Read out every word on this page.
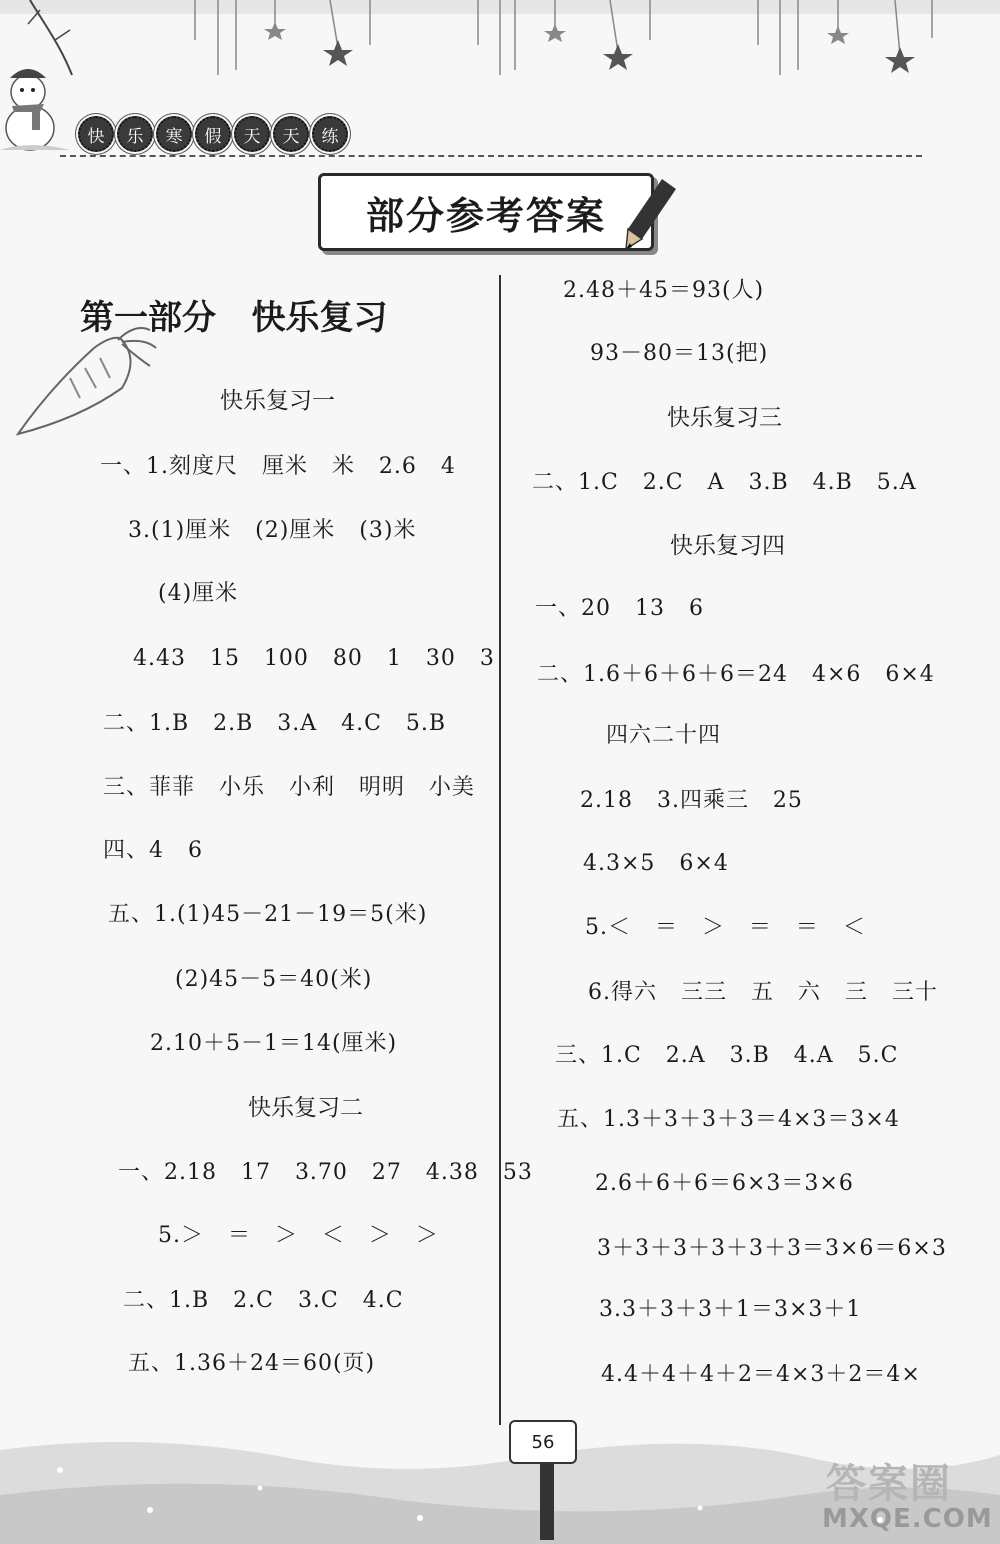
快	乐	寒	假	天	天	练
部分参考答案
第一部分   快乐复习
快乐复习一
一、1.刻度尺   厘米   米   2.6   4
3.(1)厘米   (2)厘米   (3)米
(4)厘米
4.43   15   100   80   1   30   3
二、1.B   2.B   3.A   4.C   5.B
三、菲菲   小乐   小利   明明   小美
四、4   6
五、1.(1)45－21－19＝5(米)
(2)45－5＝40(米)
2.10＋5－1＝14(厘米)
快乐复习二
一、2.18   17   3.70   27   4.38   53
5.＞   ＝   ＞   ＜   ＞   ＞
二、1.B   2.C   3.C   4.C
五、1.36＋24＝60(页)
2.48＋45＝93(人)
93－80＝13(把)
快乐复习三
二、1.C   2.C   A   3.B   4.B   5.A
快乐复习四
一、20   13   6
二、1.6＋6＋6＋6＝24   4×6   6×4
四六二十四
2.18   3.四乘三   25
4.3×5   6×4
5.＜   ＝   ＞   ＝   ＝   ＜
6.得六   三三   五   六   三   三十
三、1.C   2.A   3.B   4.A   5.C
五、1.3＋3＋3＋3＝4×3＝3×4
2.6＋6＋6＝6×3＝3×6
3＋3＋3＋3＋3＋3＝3×6＝6×3
3.3＋3＋3＋1＝3×3＋1
4.4＋4＋4＋2＝4×3＋2＝4×
56
答案圈
MXQE.COM
